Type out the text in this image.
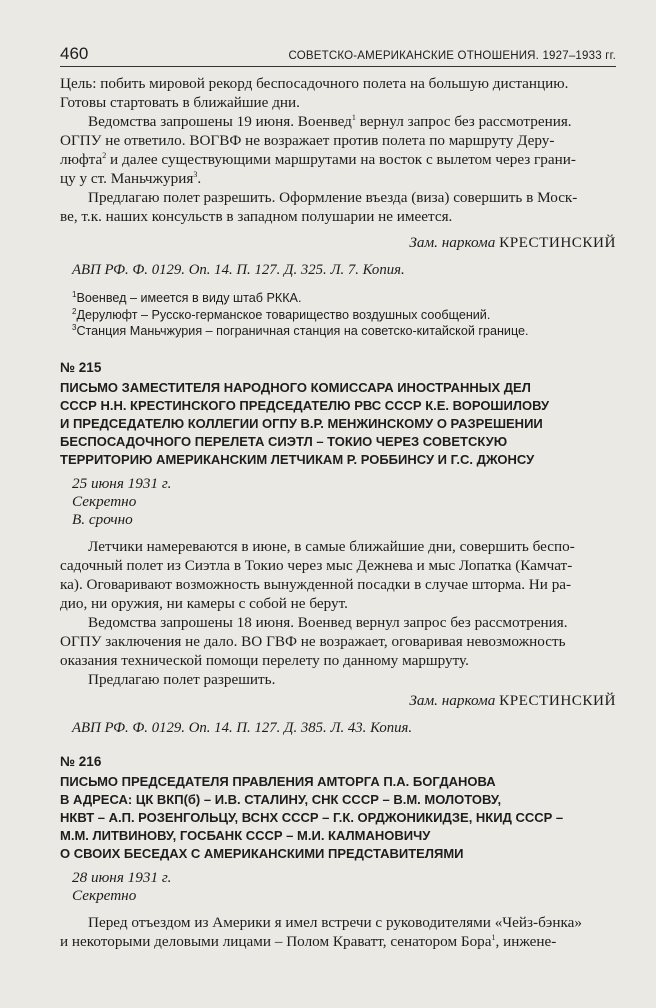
460	СОВЕТСКО-АМЕРИКАНСКИЕ ОТНОШЕНИЯ. 1927–1933 гг.
Цель: побить мировой рекорд беспосадочного полета на большую дистанцию.
Готовы стартовать в ближайшие дни.
Ведомства запрошены 19 июня. Военвед$^1$ вернул запрос без рассмотрения.
ОГПУ не ответило. ВОГВФ не возражает против полета по маршруту Деру-
люфта$^2$ и далее существующими маршрутами на восток с вылетом через грани-
цу у ст. Маньчжурия$^3$.
Предлагаю полет разрешить. Оформление въезда (виза) совершить в Моск-
ве, т.к. наших консульств в западном полушарии не имеется.
Зам. наркома КРЕСТИНСКИЙ
АВП РФ. Ф. 0129. Оп. 14. П. 127. Д. 325. Л. 7. Копия.
$^1$Военвед – имеется в виду штаб РККА.
$^2$Дерулюфт – Русско-германское товарищество воздушных сообщений.
$^3$Станция Маньчжурия – пограничная станция на советско-китайской границе.
№ 215
ПИСЬМО ЗАМЕСТИТЕЛЯ НАРОДНОГО КОМИССАРА ИНОСТРАННЫХ ДЕЛ
СССР Н.Н. КРЕСТИНСКОГО ПРЕДСЕДАТЕЛЮ РВС СССР К.Е. ВОРОШИЛОВУ
И ПРЕДСЕДАТЕЛЮ КОЛЛЕГИИ ОГПУ В.Р. МЕНЖИНСКОМУ О РАЗРЕШЕНИИ
БЕСПОСАДОЧНОГО ПЕРЕЛЕТА СИЭТЛ – ТОКИО ЧЕРЕЗ СОВЕТСКУЮ
ТЕРРИТОРИЮ АМЕРИКАНСКИМ ЛЕТЧИКАМ Р. РОББИНСУ И Г.С. ДЖОНСУ
25 июня 1931 г.
Секретно
В. срочно
Летчики намереваются в июне, в самые ближайшие дни, совершить беспо-
садочный полет из Сиэтла в Токио через мыс Дежнева и мыс Лопатка (Камчат-
ка). Оговаривают возможность вынужденной посадки в случае шторма. Ни ра-
дио, ни оружия, ни камеры с собой не берут.
Ведомства запрошены 18 июня. Военвед вернул запрос без рассмотрения.
ОГПУ заключения не дало. ВО ГВФ не возражает, оговаривая невозможность
оказания технической помощи перелету по данному маршруту.
Предлагаю полет разрешить.
Зам. наркома КРЕСТИНСКИЙ
АВП РФ. Ф. 0129. Оп. 14. П. 127. Д. 385. Л. 43. Копия.
№ 216
ПИСЬМО ПРЕДСЕДАТЕЛЯ ПРАВЛЕНИЯ АМТОРГА П.А. БОГДАНОВА
В АДРЕСА: ЦК ВКП(б) – И.В. СТАЛИНУ, СНК СССР – В.М. МОЛОТОВУ,
НКВТ – А.П. РОЗЕНГОЛЬЦУ, ВСНХ СССР – Г.К. ОРДЖОНИКИДЗЕ, НКИД СССР –
М.М. ЛИТВИНОВУ, ГОСБАНК СССР – М.И. КАЛМАНОВИЧУ
О СВОИХ БЕСЕДАХ С АМЕРИКАНСКИМИ ПРЕДСТАВИТЕЛЯМИ
28 июня 1931 г.
Секретно
Перед отъездом из Америки я имел встречи с руководителями «Чейз-бэнка»
и некоторыми деловыми лицами – Полом Краватт, сенатором Бора$^1$, инжене-
